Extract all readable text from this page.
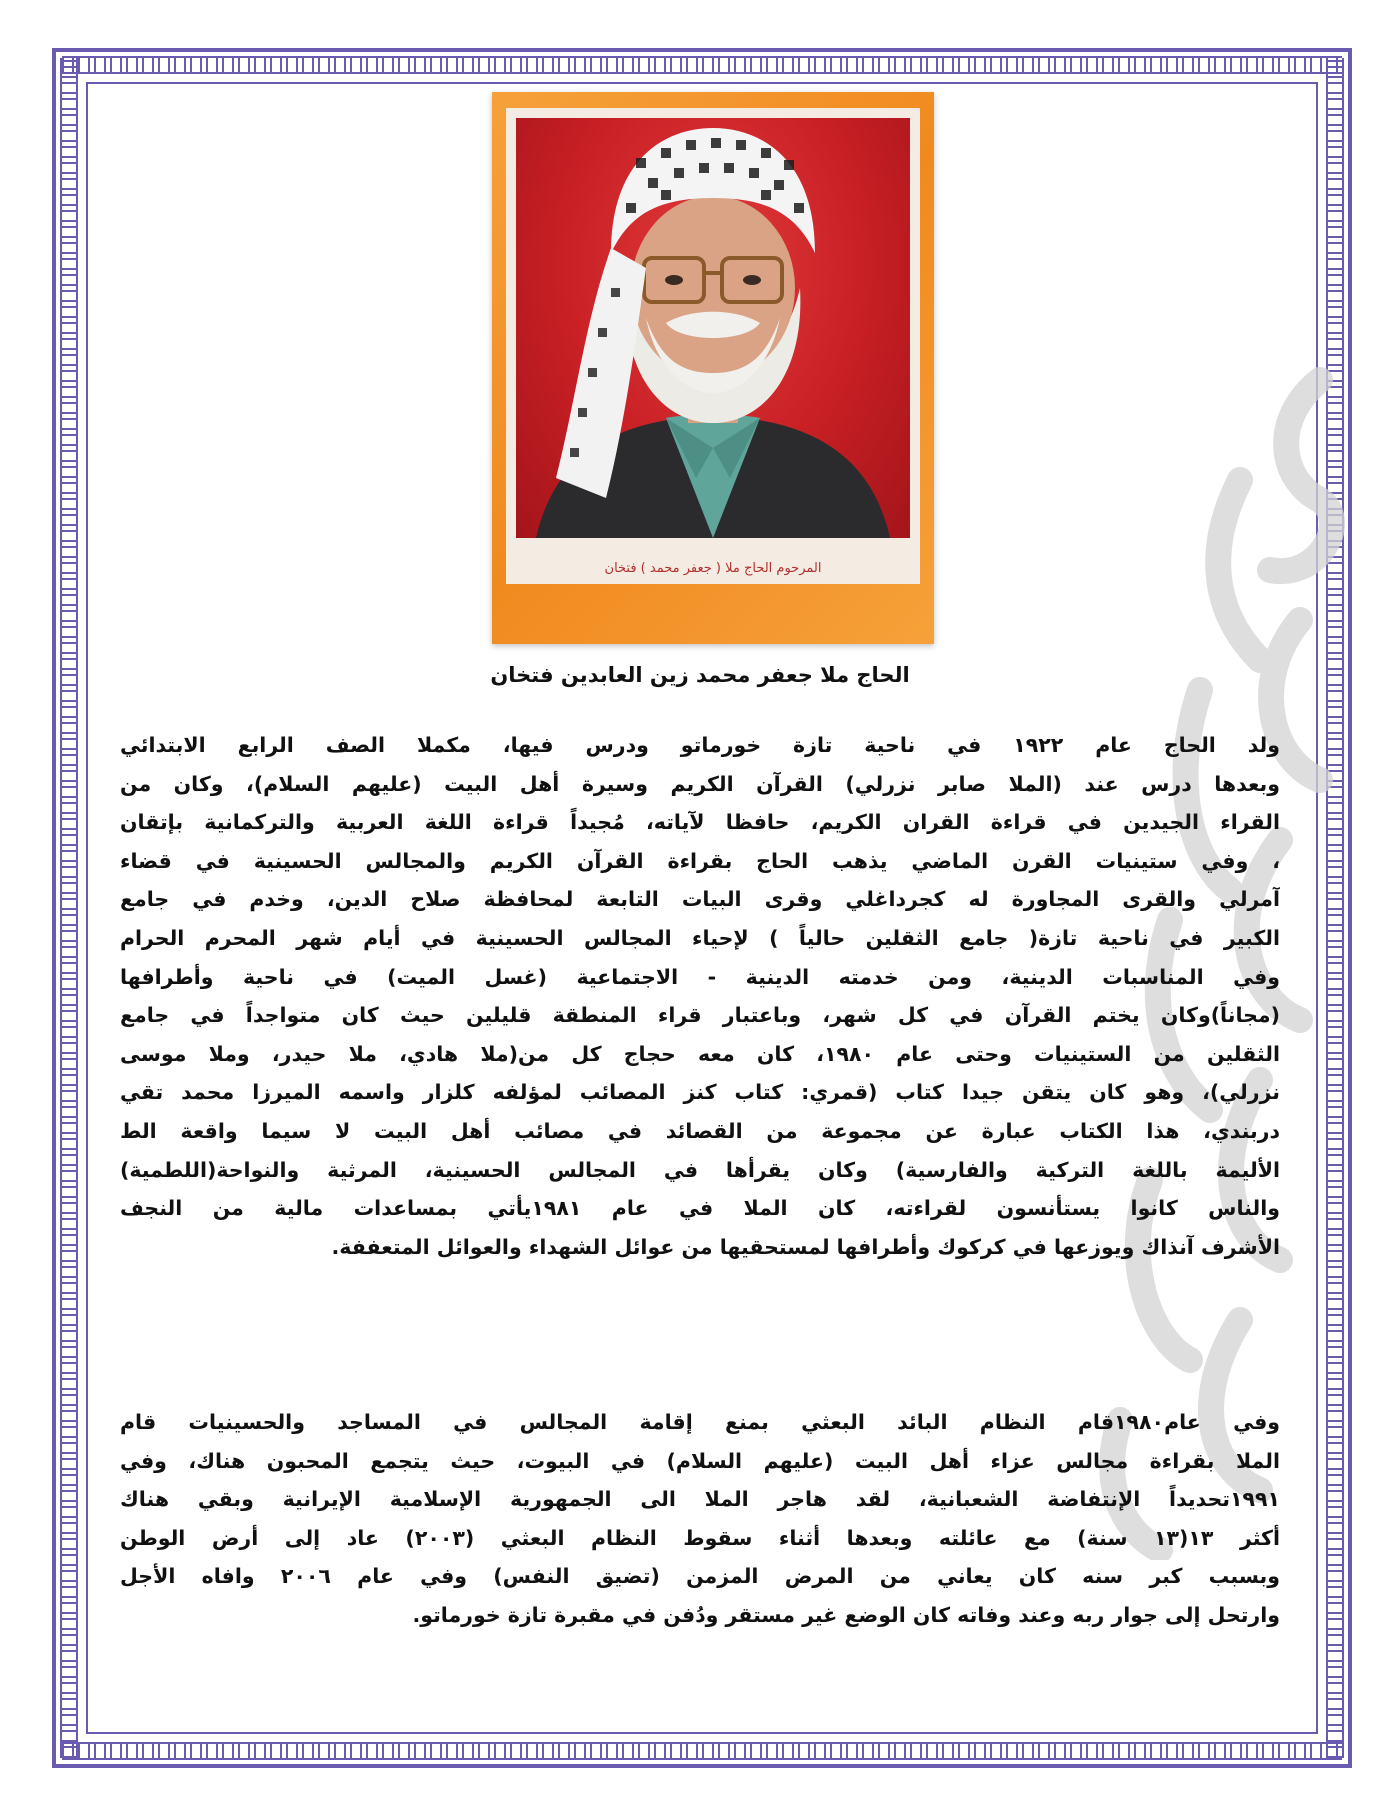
المرحوم الحاج ملا ( جعفر محمد ) فتخان
الحاج ملا جعفر محمد زين العابدين فتخان
ولد الحاج عام ١٩٢٢ في ناحية تازة خورماتو ودرس فيها، مكملا الصف الرابع الابتدائي
وبعدها درس عند (الملا صابر نزرلي) القرآن الكريم وسيرة أهل البيت (عليهم السلام)، وكان من
القراء الجيدين في قراءة القران الكريم، حافظا لآياته، مُجيداً قراءة اللغة العربية والتركمانية بإتقان
، وفي ستينيات القرن الماضي يذهب الحاج بقراءة القرآن الكريم والمجالس الحسينية في قضاء
آمرلي والقرى المجاورة له كجرداغلي وقرى البيات التابعة لمحافظة صلاح الدين، وخدم في جامع
الكبير في ناحية تازة( جامع الثقلين حالياً ) لإحياء المجالس الحسينية في أيام شهر المحرم الحرام
وفي المناسبات الدينية، ومن خدمته الدينية - الاجتماعية (غسل الميت) في ناحية وأطرافها
(مجاناً)وكان يختم القرآن في كل شهر، وباعتبار قراء المنطقة قليلين حيث كان متواجداً في جامع
الثقلين من الستينيات وحتى عام ١٩٨٠، كان معه حجاج كل من(ملا هادي، ملا حيدر، وملا موسى
نزرلي)، وهو كان يتقن جيدا كتاب (قمري: كتاب كنز المصائب لمؤلفه كلزار واسمه الميرزا محمد تقي
دربندي، هذا الكتاب عبارة عن مجموعة من القصائد في مصائب أهل البيت لا سيما واقعة الط
الأليمة باللغة التركية والفارسية) وكان يقرأها في المجالس الحسينية، المرثية والنواحة(اللطمية)
والناس كانوا يستأنسون لقراءته، كان الملا في عام ١٩٨١يأتي بمساعدات مالية من النجف
الأشرف آنذاك ويوزعها في كركوك وأطرافها لمستحقيها من عوائل الشهداء والعوائل المتعففة.
وفي عام١٩٨٠قام النظام البائد البعثي بمنع إقامة المجالس في المساجد والحسينيات قام
الملا بقراءة مجالس عزاء أهل البيت (عليهم السلام) في البيوت، حيث يتجمع المحبون هناك، وفي
١٩٩١تحديداً الإنتفاضة الشعبانية، لقد هاجر الملا الى الجمهورية الإسلامية الإيرانية وبقي هناك
أكثر ١٣(١٣ سنة) مع عائلته وبعدها أثناء سقوط النظام البعثي (٢٠٠٣) عاد إلى أرض الوطن
وبسبب كبر سنه كان يعاني من المرض المزمن (تضيق النفس) وفي عام ٢٠٠٦ وافاه الأجل
وارتحل إلى جوار ربه وعند وفاته كان الوضع غير مستقر ودُفن في مقبرة تازة خورماتو.
